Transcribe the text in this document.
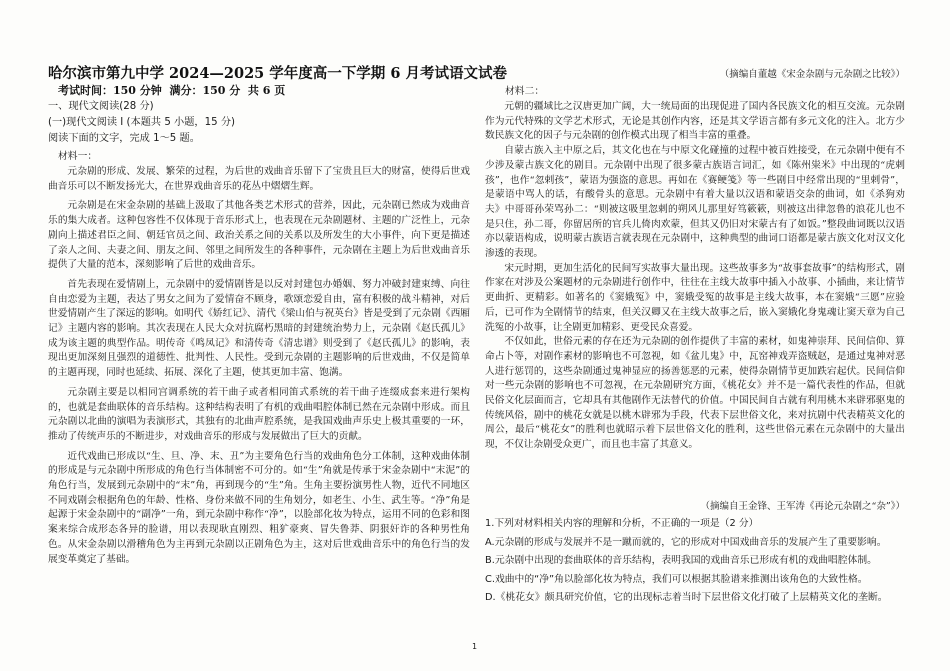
哈尔滨市第九中学 2024—2025 学年度高一下学期 6 月考试语文试卷
考试时间：150 分钟  满分：150 分  共 6 页
一、现代文阅读(28 分)
(一)现代文阅读 I (本题共 5 小题，15 分)
阅读下面的文字，完成 1～5 题。
材料一：

元杂剧的形成、发展、繁荣的过程，为后世的戏曲音乐留下了宝贵且巨大的财富，使得后世戏曲音乐可以不断发扬光大，在世界戏曲音乐的花丛中熠熠生辉。

元杂剧是在宋金杂剧的基础上汲取了其他各类艺术形式的营养，因此，元杂剧已然成为戏曲音乐的集大成者。这种包容性不仅体现于音乐形式上，也表现在元杂剧题材、主题的广泛性上，元杂剧向上描述君臣之间、朝廷官员之间、政治关系之间的关系以及所发生的大小事件，向下更是描述了亲人之间、夫妻之间、朋友之间、邻里之间所发生的各种事件，元杂剧在主题上为后世戏曲音乐提供了大量的范本，深刻影响了后世的戏曲音乐。

首先表现在爱情剧上，元杂剧中的爱情剧皆是以反对封建包办婚姻、努力冲破封建束缚、向往自由恋爱为主题，表达了男女之间为了爱情奋不顾身，歌颂恋爱自由，富有积极的战斗精神，对后世爱情剧产生了深远的影响。如明代《娇红记》、清代《梁山伯与祝英台》皆是受到了元杂剧《西厢记》主题内容的影响。其次表现在人民大众对抗腐朽黑暗的封建统治势力上，元杂剧《赵氏孤儿》成为该主题的典型作品。明传奇《鸣凤记》和清传奇《清忠谱》则受到了《赵氏孤儿》的影响，表现出更加深刻且强烈的道德性、批判性、人民性。受到元杂剧的主题影响的后世戏曲，不仅是简单的主题再现，同时也延续、拓展、深化了主题，使其更加丰富、饱满。

元杂剧主要是以相同宫调系统的若干曲子或者相同笛式系统的若干曲子连缀成套来进行架构的，也就是套曲联体的音乐结构。这种结构表明了有机的戏曲唱腔体制已然在元杂剧中形成。而且元杂剧以北曲的演唱为表演形式，其独有的北曲声腔系统，是我国戏曲声乐史上极其重要的一环，推动了传统声乐的不断进步，对戏曲音乐的形成与发展做出了巨大的贡献。

近代戏曲已形成以“生、旦、净、末、丑”为主要角色行当的戏曲角色分工体制，这种戏曲体制的形成是与元杂剧中所形成的角色行当体制密不可分的。如“生”角就是传承于宋金杂剧中“末泥”的角色行当，发展到元杂剧中的“末”角，再到现今的“生”角。生角主要扮演男性人物，近代不同地区不同戏剧会根据角色的年龄、性格、身份来做不同的生角划分，如老生、小生、武生等。“净”角是起源于宋金杂剧中的“副净”一角，到元杂剧中称作“净”，以脸部化妆为特点，运用不同的色彩和图案来综合成形态各异的脸谱，用以表现耿直刚烈、粗犷豪爽、冒失鲁莽、阴狠奸诈的各种男性角色。从宋金杂剧以滑稽角色为主再到元杂剧以正剧角色为主，这对后世戏曲音乐中的角色行当的发展变革奠定了基础。

（摘编自董越《宋金杂剧与元杂剧之比较》）
材料二：

元朝的疆域比之汉唐更加广阔，大一统局面的出现促进了国内各民族文化的相互交流。元杂剧作为元代特殊的文学艺术形式，无论是其创作内容，还是其文学语言都有多元文化的注入。北方少数民族文化的因子与元杂剧的创作模式出现了相当丰富的重叠。

自蒙古族入主中原之后，其文化也在与中原文化碰撞的过程中被百姓接受，在元杂剧中便有不少涉及蒙古族文化的剧目。元杂剧中出现了很多蒙古族语言词汇，如《陈州粜米》中出现的“虎剌孩”，也作“忽剌孩”，蒙语为强盗的意思。再如在《赛鲠笺》等一些剧目中经常出现的“里剌骨”，是蒙语中骂人的话，有酸骨头的意思。元杂剧中有着大量以汉语和蒙语交杂的曲词，如《杀狗劝夫》中哥哥孙荣骂孙二：“则被这吸里忽剌的朔风儿那里好笃簌簌，则被这出律忽鲁的浪花儿也不是只住，孙二哥，你留居所的官兵儿倚肉欢蒙，但其又仍旧对宋蒙古有了如饭。”整段曲词既以汉语亦以蒙语构成，说明蒙古族语言就表现在元杂剧中，这种典型的曲词口语都是蒙古族文化对汉文化渗透的表现。

宋元时期，更加生活化的民间写实故事大量出现。这些故事多为“故事套故事”的结构形式，剧作家在对涉及公案题材的元杂剧进行创作中，往往在主线大故事中插入小故事、小插曲，来让情节更曲折、更精彩。如著名的《窦娥冤》中，窦娥受冤的故事是主线大故事，本在窦娥“三愿”应验后，已可作为全剧情节的结束，但关汉卿又在主线大故事之后，嵌入窦娥化身鬼魂让窦天章为自己洗冤的小故事，让全剧更加精彩、更受民众喜爱。

不仅如此，世俗元素的存在还为元杂剧的创作提供了丰富的素材，如鬼神崇拜、民间信仰、算命占卜等，对剧作素材的影响也不可忽视，如《盆儿鬼》中，瓦窑神戏弄盗贼赵，是通过鬼神对恶人进行惩罚的，这些杂剧通过鬼神显应的扬善惩恶的元素，使得杂剧情节更加跌宕起伏。民间信仰对一些元杂剧的影响也不可忽视，在元杂剧研究方面，《桃花女》并不是一篇代表性的作品，但就民俗文化层面而言，它却具有其他剧作无法替代的价值。中国民间自古就有利用桃木来辟邪驱鬼的传统风俗，剧中的桃花女就是以桃木辟邪为手段，代表下层世俗文化，来对抗剧中代表精英文化的周公，最后“桃花女”的胜利也就昭示着下层世俗文化的胜利，这些世俗元素在元杂剧中的大量出现，不仅让杂剧受众更广，而且也丰富了其意义。

（摘编自王金锋、王军涛《再论元杂剧之“杂”》）
1.下列对材料相关内容的理解和分析，不正确的一项是（2 分）
A.元杂剧的形成与发展并不是一蹴而就的，它的形成对中国戏曲音乐的发展产生了重要影响。
B.元杂剧中出现的套曲联体的音乐结构，表明我国的戏曲音乐已形成有机的戏曲唱腔体制。
C.戏曲中的“净”角以脸部化妆为特点，我们可以根据其脸谱来推测出该角色的大致性格。
D.《桃花女》颇具研究价值，它的出现标志着当时下层世俗文化打破了上层精英文化的垄断。
1
